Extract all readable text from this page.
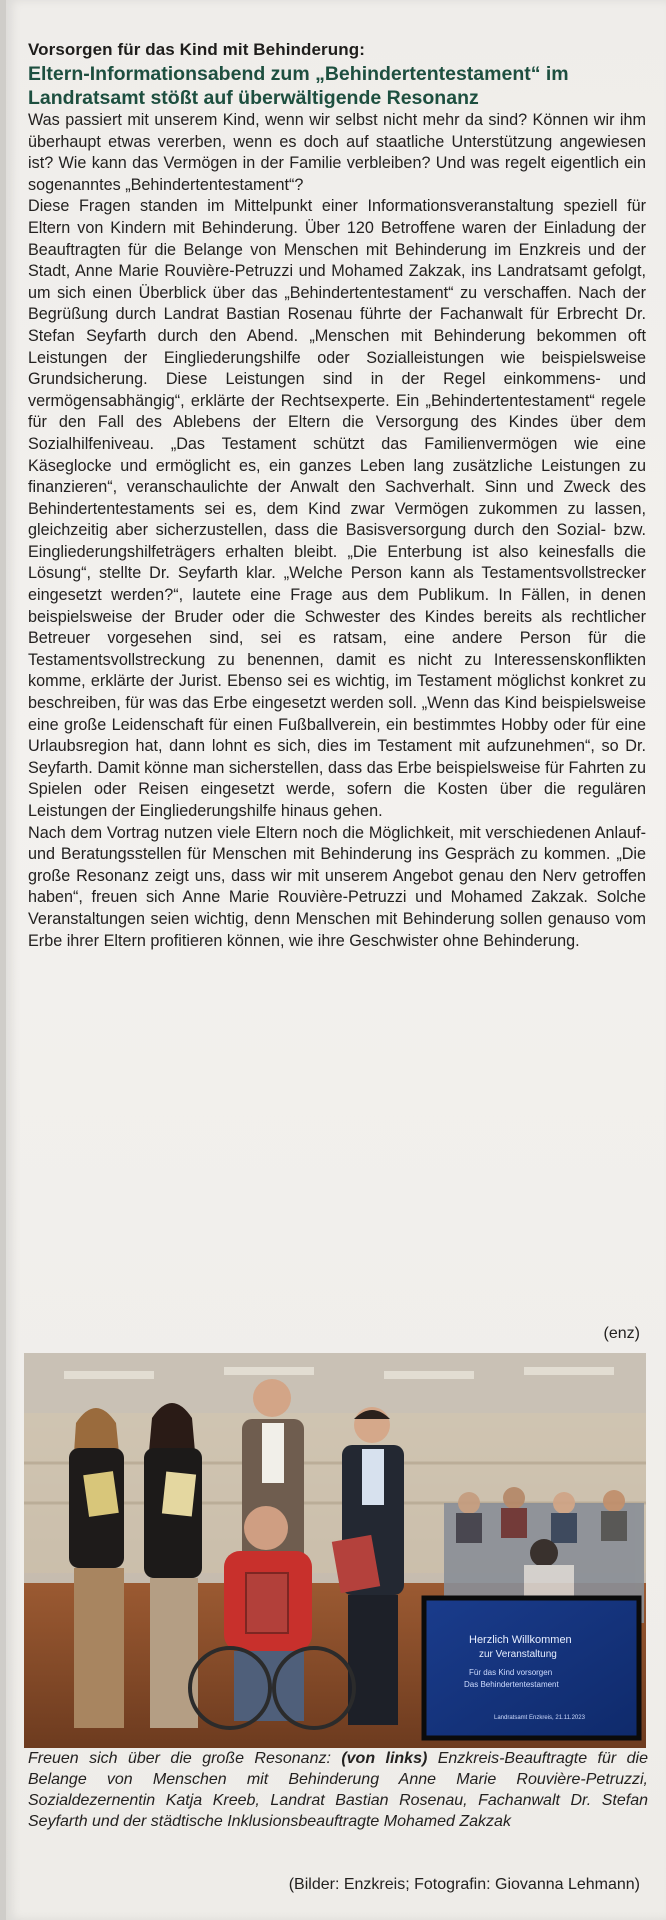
Vorsorgen für das Kind mit Behinderung:
Eltern-Informationsabend zum „Behindertentestament“ im Landratsamt stößt auf überwältigende Resonanz

Was passiert mit unserem Kind, wenn wir selbst nicht mehr da sind? Können wir ihm überhaupt etwas vererben, wenn es doch auf staatliche Unterstützung angewiesen ist? Wie kann das Vermögen in der Familie verbleiben? Und was regelt eigentlich ein sogenanntes „Behindertentestament“?

Diese Fragen standen im Mittelpunkt einer Informationsveranstaltung speziell für Eltern von Kindern mit Behinderung. Über 120 Betroffene waren der Einladung der Beauftragten für die Belange von Menschen mit Behinderung im Enzkreis und der Stadt, Anne Marie Rouvière-Petruzzi und Mohamed Zakzak, ins Landratsamt gefolgt, um sich einen Überblick über das „Behindertentestament“ zu verschaffen. Nach der Begrüßung durch Landrat Bastian Rosenau führte der Fachanwalt für Erbrecht Dr. Stefan Seyfarth durch den Abend. „Menschen mit Behinderung bekommen oft Leistungen der Eingliederungshilfe oder Sozialleistungen wie beispielsweise Grundsicherung. Diese Leistungen sind in der Regel einkommens- und vermögensabhängig“, erklärte der Rechtsexperte. Ein „Behindertentestament“ regele für den Fall des Ablebens der Eltern die Versorgung des Kindes über dem Sozialhilfeniveau. „Das Testament schützt das Familienvermögen wie eine Käseglocke und ermöglicht es, ein ganzes Leben lang zusätzliche Leistungen zu finanzieren“, veranschaulichte der Anwalt den Sachverhalt. Sinn und Zweck des Behindertentestaments sei es, dem Kind zwar Vermögen zukommen zu lassen, gleichzeitig aber sicherzustellen, dass die Basisversorgung durch den Sozial- bzw. Eingliederungshilfeträgers erhalten bleibt. „Die Enterbung ist also keinesfalls die Lösung“, stellte Dr. Seyfarth klar. „Welche Person kann als Testamentsvollstrecker eingesetzt werden?“, lautete eine Frage aus dem Publikum. In Fällen, in denen beispielsweise der Bruder oder die Schwester des Kindes bereits als rechtlicher Betreuer vorgesehen sind, sei es ratsam, eine andere Person für die Testamentsvollstreckung zu benennen, damit es nicht zu Interessenskonflikten komme, erklärte der Jurist. Ebenso sei es wichtig, im Testament möglichst konkret zu beschreiben, für was das Erbe eingesetzt werden soll. „Wenn das Kind beispielsweise eine große Leidenschaft für einen Fußballverein, ein bestimmtes Hobby oder für eine Urlaubsregion hat, dann lohnt es sich, dies im Testament mit aufzunehmen“, so Dr. Seyfarth. Damit könne man sicherstellen, dass das Erbe beispielsweise für Fahrten zu Spielen oder Reisen eingesetzt werde, sofern die Kosten über die regulären Leistungen der Eingliederungshilfe hinaus gehen.

Nach dem Vortrag nutzen viele Eltern noch die Möglichkeit, mit verschiedenen Anlauf- und Beratungsstellen für Menschen mit Behinderung ins Gespräch zu kommen. „Die große Resonanz zeigt uns, dass wir mit unserem Angebot genau den Nerv getroffen haben“, freuen sich Anne Marie Rouvière-Petruzzi und Mohamed Zakzak. Solche Veranstaltungen seien wichtig, denn Menschen mit Behinderung sollen genauso vom Erbe ihrer Eltern profitieren können, wie ihre Geschwister ohne Behinderung.

(enz)
Herzlich Willkommen
zur Veranstaltung
Für das Kind vorsorgen
Das Behindertentestament
Landratsamt Enzkreis, 21.11.2023
Freuen sich über die große Resonanz: (von links) Enzkreis-Beauftragte für die Belange von Menschen mit Behinderung Anne Marie Rouvière-Petruzzi, Sozialdezernentin Katja Kreeb, Landrat Bastian Rosenau, Fachanwalt Dr. Stefan Seyfarth und der städtische Inklusionsbeauftragte Mohamed Zakzak
(Bilder: Enzkreis; Fotografin: Giovanna Lehmann)
